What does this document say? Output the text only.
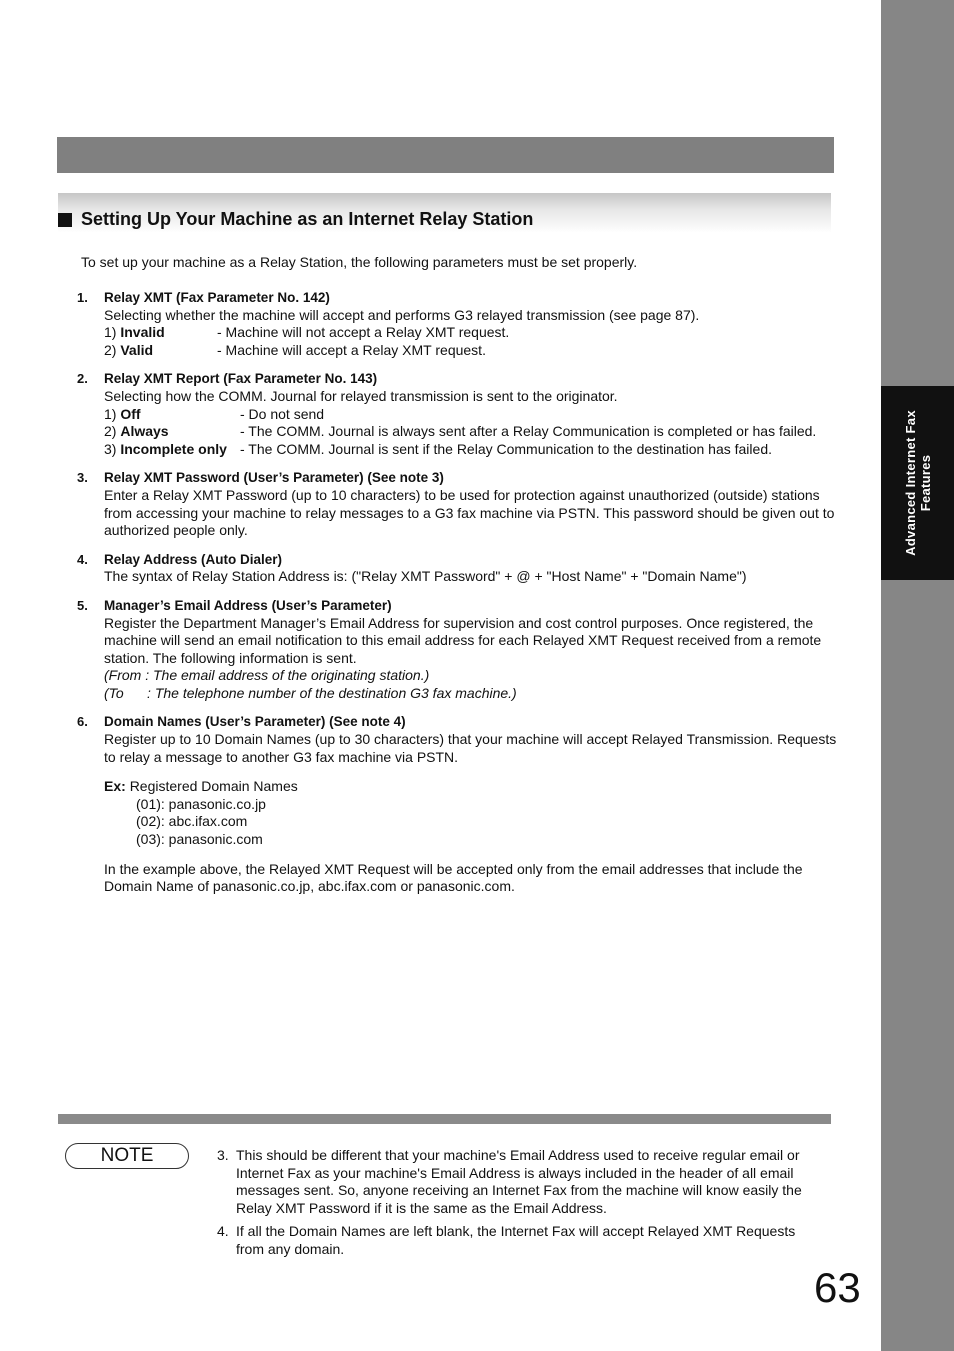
Advanced Internet Fax Features
Setting Up Your Machine as an Internet Relay Station
To set up your machine as a Relay Station, the following parameters must be set properly.
1. Relay XMT (Fax Parameter No. 142)
Selecting whether the machine will accept and performs G3 relayed transmission (see page 87).
1) Invalid	- Machine will not accept a Relay XMT request.
2) Valid	- Machine will accept a Relay XMT request.
2. Relay XMT Report (Fax Parameter No. 143)
Selecting how the COMM. Journal for relayed transmission is sent to the originator.
1) Off	- Do not send
2) Always	- The COMM. Journal is always sent after a Relay Communication is completed or has failed.
3) Incomplete only - The COMM. Journal is sent if the Relay Communication to the destination has failed.
3. Relay XMT Password (User’s Parameter) (See note 3)
Enter a Relay XMT Password (up to 10 characters) to be used for protection against unauthorized (outside) stations from accessing your machine to relay messages to a G3 fax machine via PSTN. This password should be given out to authorized people only.
4. Relay Address (Auto Dialer)
The syntax of Relay Station Address is: ("Relay XMT Password" + @ + "Host Name" + "Domain Name")
5. Manager’s Email Address (User’s Parameter)
Register the Department Manager’s Email Address for supervision and cost control purposes. Once registered, the machine will send an email notification to this email address for each Relayed XMT Request received from a remote station. The following information is sent.
(From : The email address of the originating station.)
(To      : The telephone number of the destination G3 fax machine.)
6. Domain Names (User’s Parameter) (See note 4)
Register up to 10 Domain Names (up to 30 characters) that your machine will accept Relayed Transmission. Requests to relay a message to another G3 fax machine via PSTN.
Ex: Registered Domain Names
(01): panasonic.co.jp
(02): abc.ifax.com
(03): panasonic.com
In the example above, the Relayed XMT Request will be accepted only from the email addresses that include the Domain Name of panasonic.co.jp, abc.ifax.com or panasonic.com.
NOTE	3. This should be different that your machine's Email Address used to receive regular email or Internet Fax as your machine's Email Address is always included in the header of all email messages sent. So, anyone receiving an Internet Fax from the machine will know easily the Relay XMT Password if it is the same as the Email Address.
4. If all the Domain Names are left blank, the Internet Fax will accept Relayed XMT Requests from any domain.
63
